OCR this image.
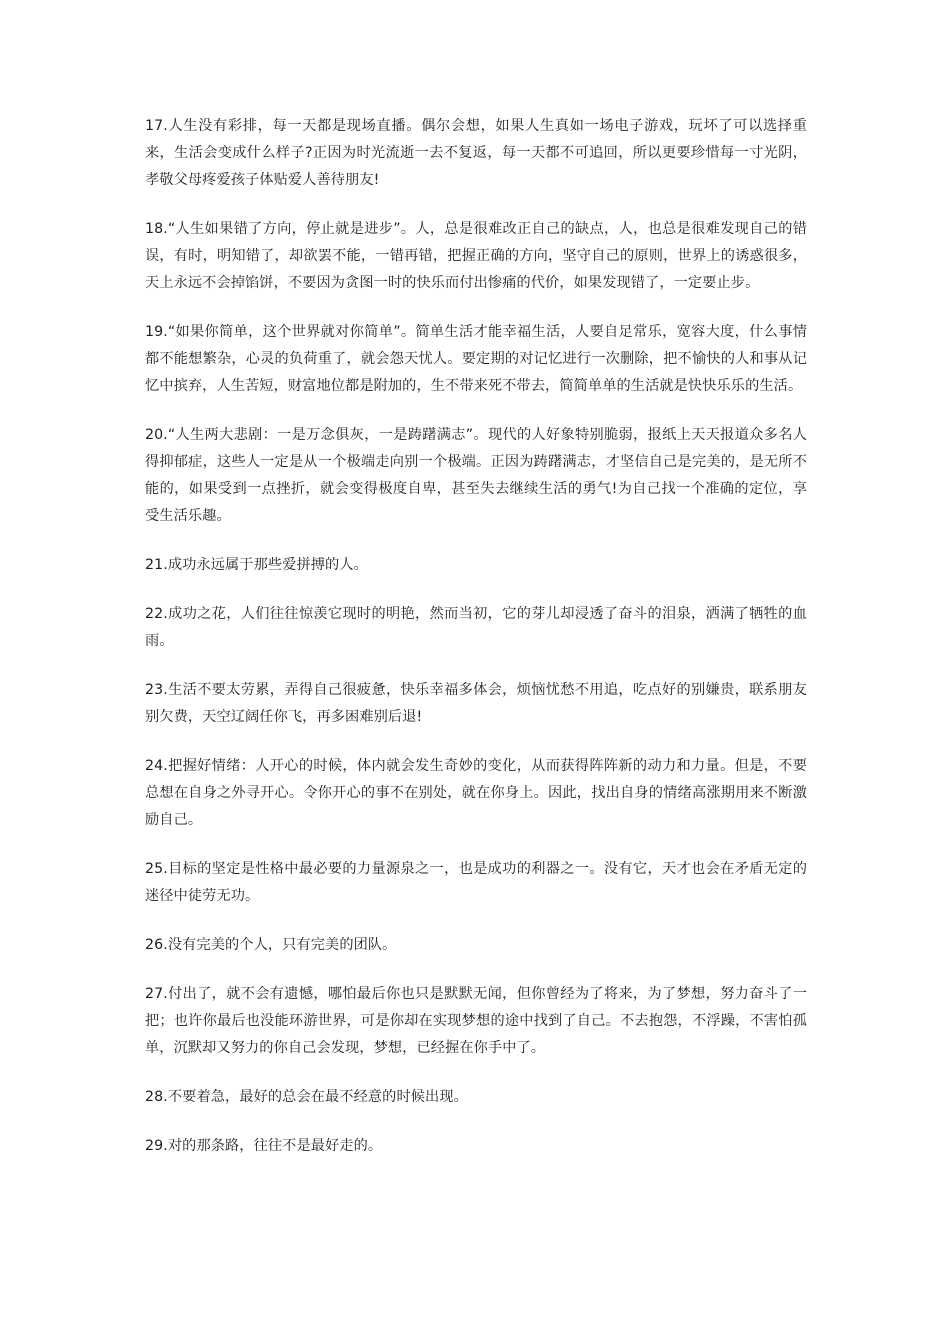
17.人生没有彩排，每一天都是现场直播。偶尔会想，如果人生真如一场电子游戏，玩坏了可以选择重来，生活会变成什么样子?正因为时光流逝一去不复返，每一天都不可追回，所以更要珍惜每一寸光阴，孝敬父母疼爱孩子体贴爱人善待朋友!

18.“人生如果错了方向，停止就是进步”。人，总是很难改正自己的缺点，人，也总是很难发现自己的错误，有时，明知错了，却欲罢不能，一错再错，把握正确的方向，坚守自己的原则，世界上的诱惑很多，天上永远不会掉馅饼，不要因为贪图一时的快乐而付出惨痛的代价，如果发现错了，一定要止步。

19.“如果你简单，这个世界就对你简单”。简单生活才能幸福生活，人要自足常乐，宽容大度，什么事情都不能想繁杂，心灵的负荷重了，就会怨天忧人。要定期的对记忆进行一次删除，把不愉快的人和事从记忆中摈弃，人生苦短，财富地位都是附加的，生不带来死不带去，简简单单的生活就是快快乐乐的生活。

20.“人生两大悲剧：一是万念俱灰，一是踌躇满志”。现代的人好象特别脆弱，报纸上天天报道众多名人得抑郁症，这些人一定是从一个极端走向别一个极端。正因为踌躇满志，才坚信自己是完美的，是无所不能的，如果受到一点挫折，就会变得极度自卑，甚至失去继续生活的勇气!为自己找一个准确的定位，享受生活乐趣。

21.成功永远属于那些爱拼搏的人。

22.成功之花，人们往往惊羡它现时的明艳，然而当初，它的芽儿却浸透了奋斗的泪泉，洒满了牺牲的血雨。

23.生活不要太劳累，弄得自己很疲惫，快乐幸福多体会，烦恼忧愁不用追，吃点好的别嫌贵，联系朋友别欠费，天空辽阔任你飞，再多困难别后退!

24.把握好情绪：人开心的时候，体内就会发生奇妙的变化，从而获得阵阵新的动力和力量。但是，不要总想在自身之外寻开心。令你开心的事不在别处，就在你身上。因此，找出自身的情绪高涨期用来不断激励自己。

25.目标的坚定是性格中最必要的力量源泉之一，也是成功的利器之一。没有它，天才也会在矛盾无定的迷径中徒劳无功。

26.没有完美的个人，只有完美的团队。

27.付出了，就不会有遗憾，哪怕最后你也只是默默无闻，但你曾经为了将来，为了梦想，努力奋斗了一把；也许你最后也没能环游世界，可是你却在实现梦想的途中找到了自己。不去抱怨，不浮躁，不害怕孤单，沉默却又努力的你自己会发现，梦想，已经握在你手中了。

28.不要着急，最好的总会在最不经意的时候出现。

29.对的那条路，往往不是最好走的。
